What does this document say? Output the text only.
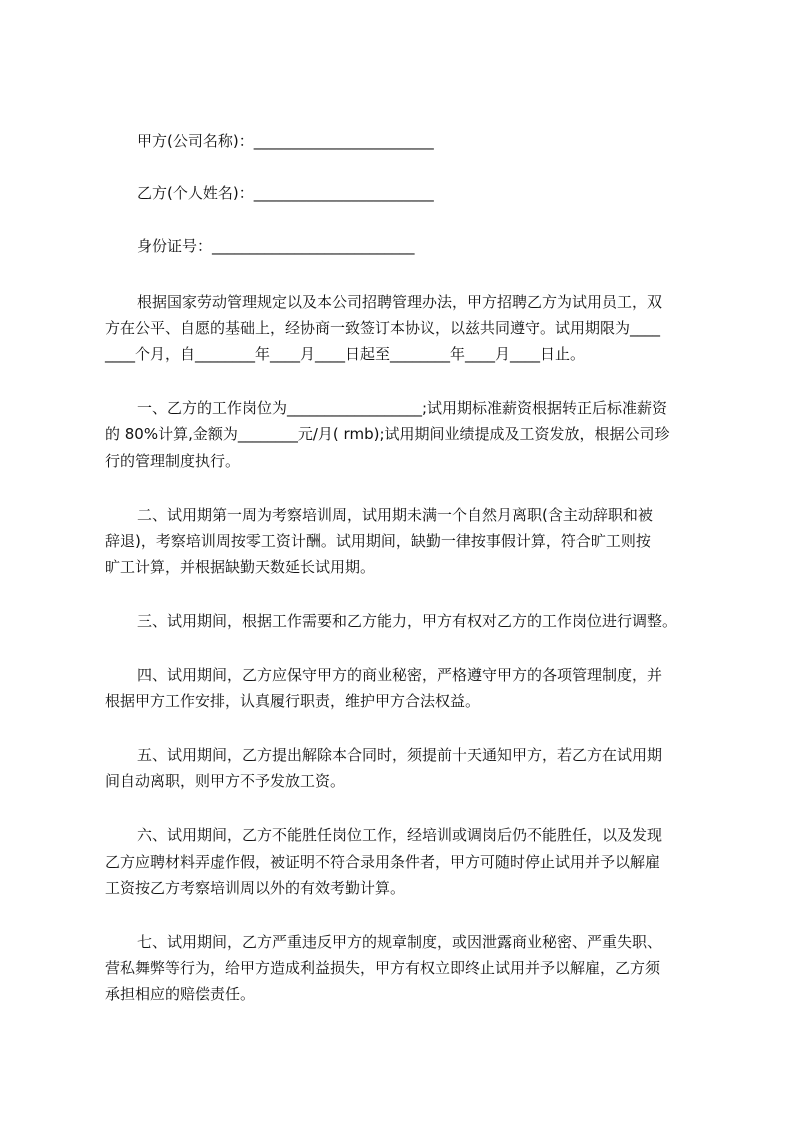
甲方(公司名称)：________________________
乙方(个人姓名)：________________________
身份证号：___________________________
根据国家劳动管理规定以及本公司招聘管理办法，甲方招聘乙方为试用员工，双
方在公平、自愿的基础上，经协商一致签订本协议，以兹共同遵守。试用期限为____
____个月，自________年____月____日起至________年____月____日止。
一、乙方的工作岗位为__________________;试用期标准薪资根据转正后标准薪资
的 80%计算,金额为________元/月( rmb);试用期间业绩提成及工资发放，根据公司珍
行的管理制度执行。
二、试用期第一周为考察培训周，试用期未满一个自然月离职(含主动辞职和被
辞退)，考察培训周按零工资计酬。试用期间，缺勤一律按事假计算，符合旷工则按
旷工计算，并根据缺勤天数延长试用期。
三、试用期间，根据工作需要和乙方能力，甲方有权对乙方的工作岗位进行调整。
四、试用期间，乙方应保守甲方的商业秘密，严格遵守甲方的各项管理制度，并
根据甲方工作安排，认真履行职责，维护甲方合法权益。
五、试用期间，乙方提出解除本合同时，须提前十天通知甲方，若乙方在试用期
间自动离职，则甲方不予发放工资。
六、试用期间，乙方不能胜任岗位工作，经培训或调岗后仍不能胜任，以及发现
乙方应聘材料弄虚作假，被证明不符合录用条件者，甲方可随时停止试用并予以解雇
工资按乙方考察培训周以外的有效考勤计算。
七、试用期间，乙方严重违反甲方的规章制度，或因泄露商业秘密、严重失职、
营私舞弊等行为，给甲方造成利益损失，甲方有权立即终止试用并予以解雇，乙方须
承担相应的赔偿责任。
